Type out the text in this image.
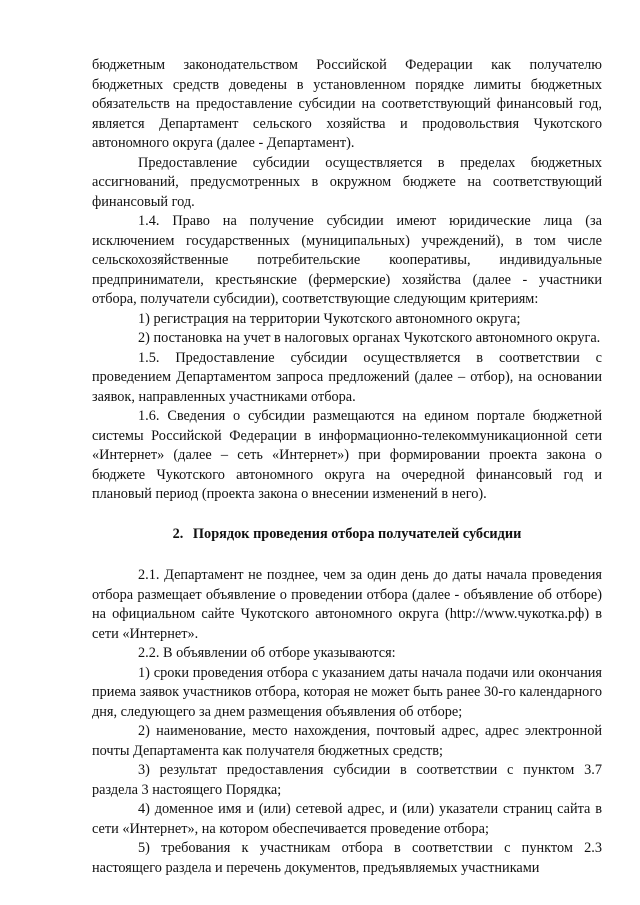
бюджетным законодательством Российской Федерации как получателю бюджетных средств доведены в установленном порядке лимиты бюджетных обязательств на предоставление субсидии на соответствующий финансовый год, является Департамент сельского хозяйства и продовольствия Чукотского автономного округа (далее - Департамент).

Предоставление субсидии осуществляется в пределах бюджетных ассигнований, предусмотренных в окружном бюджете на соответствующий финансовый год.

1.4. Право на получение субсидии имеют юридические лица (за исключением государственных (муниципальных) учреждений), в том числе сельскохозяйственные потребительские кооперативы, индивидуальные предприниматели, крестьянские (фермерские) хозяйства (далее - участники отбора, получатели субсидии), соответствующие следующим критериям:

1) регистрация на территории Чукотского автономного округа;

2) постановка на учет в налоговых органах Чукотского автономного округа.

1.5. Предоставление субсидии осуществляется в соответствии с проведением Департаментом запроса предложений (далее – отбор), на основании заявок, направленных участниками отбора.

1.6. Сведения о субсидии размещаются на едином портале бюджетной системы Российской Федерации в информационно-телекоммуникационной сети «Интернет» (далее – сеть «Интернет») при формировании проекта закона о бюджете Чукотского автономного округа на очередной финансовый год и плановый период (проекта закона о внесении изменений в него).

2. Порядок проведения отбора получателей субсидии

2.1. Департамент не позднее, чем за один день до даты начала проведения отбора размещает объявление о проведении отбора (далее - объявление об отборе) на официальном сайте Чукотского автономного округа (http://www.чукотка.рф) в сети «Интернет».

2.2. В объявлении об отборе указываются:

1) сроки проведения отбора с указанием даты начала подачи или окончания приема заявок участников отбора, которая не может быть ранее 30-го календарного дня, следующего за днем размещения объявления об отборе;

2) наименование, место нахождения, почтовый адрес, адрес электронной почты Департамента как получателя бюджетных средств;

3) результат предоставления субсидии в соответствии с пунктом 3.7 раздела 3 настоящего Порядка;

4) доменное имя и (или) сетевой адрес, и (или) указатели страниц сайта в сети «Интернет», на котором обеспечивается проведение отбора;

5) требования к участникам отбора в соответствии с пунктом 2.3 настоящего раздела и перечень документов, предъявляемых участниками
